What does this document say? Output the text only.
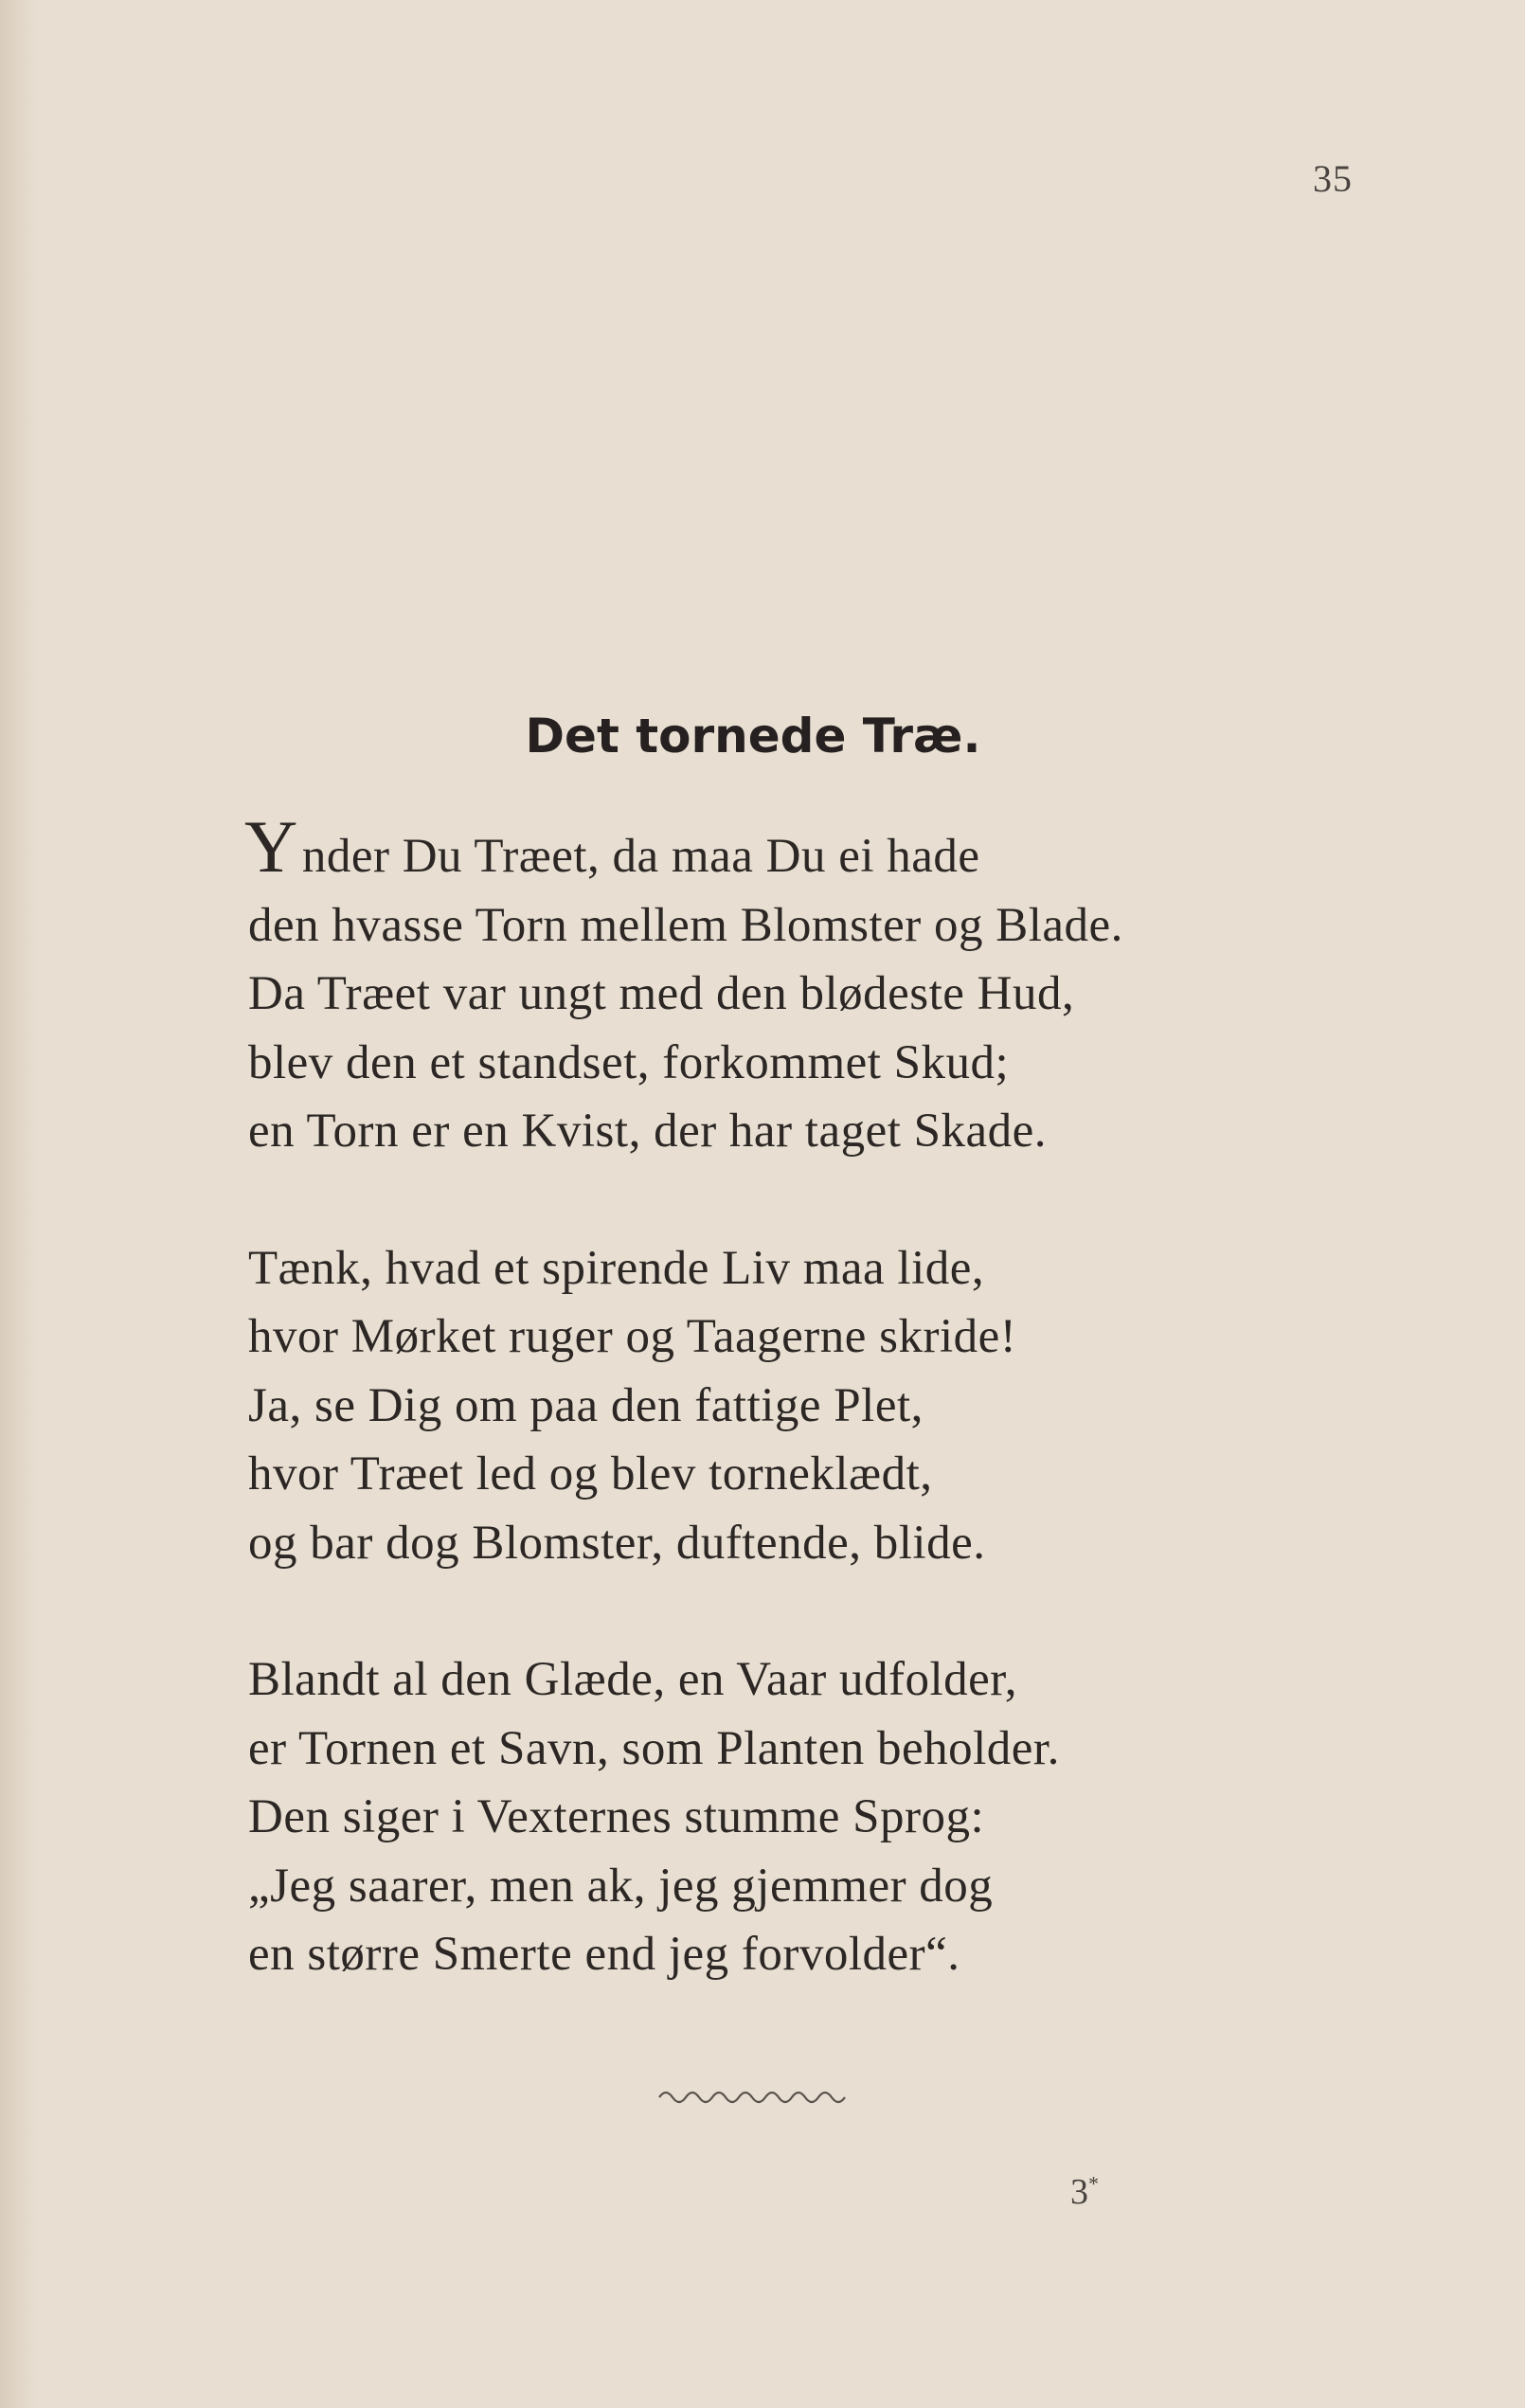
35
Det tornede Træ.
Ynder Du Træet, da maa Du ei hade
den hvasse Torn mellem Blomster og Blade.
Da Træet var ungt med den blødeste Hud,
blev den et standset, forkommet Skud;
en Torn er en Kvist, der har taget Skade.
Tænk, hvad et spirende Liv maa lide,
hvor Mørket ruger og Taagerne skride!
Ja, se Dig om paa den fattige Plet,
hvor Træet led og blev torneklædt,
og bar dog Blomster, duftende, blide.
Blandt al den Glæde, en Vaar udfolder,
er Tornen et Savn, som Planten beholder.
Den siger i Vexternes stumme Sprog:
„Jeg saarer, men ak, jeg gjemmer dog
en større Smerte end jeg forvolder“.
3*
